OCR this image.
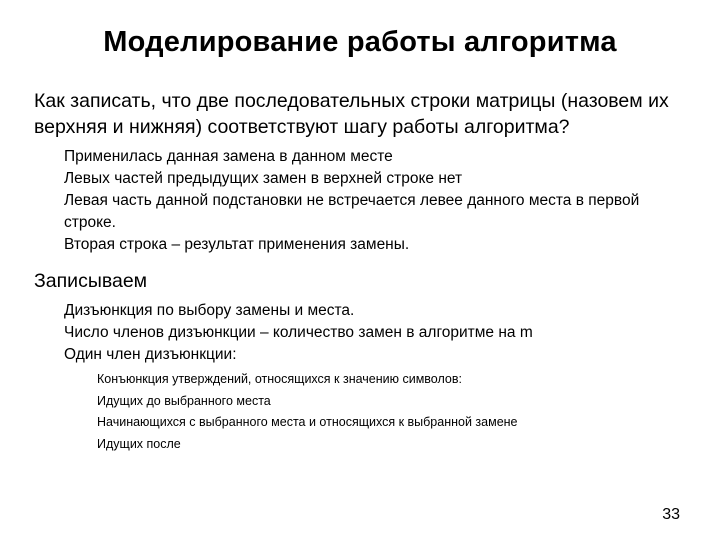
Моделирование работы алгоритма

Как записать, что две последовательных строки матрицы (назовем их верхняя и нижняя) соответствуют шагу работы алгоритма?

Применилась данная замена в данном месте

Левых частей предыдущих замен в верхней строке нет

Левая часть данной подстановки не встречается левее данного места в первой строке.

Вторая строка – результат применения замены.

Записываем

Дизъюнкция по выбору замены и места.

Число членов дизъюнкции – количество замен в алгоритме на m

Один член дизъюнкции:

Конъюнкция утверждений, относящихся к значению символов:

Идущих до выбранного места

Начинающихся с выбранного места и относящихся к выбранной замене

Идущих после

33
